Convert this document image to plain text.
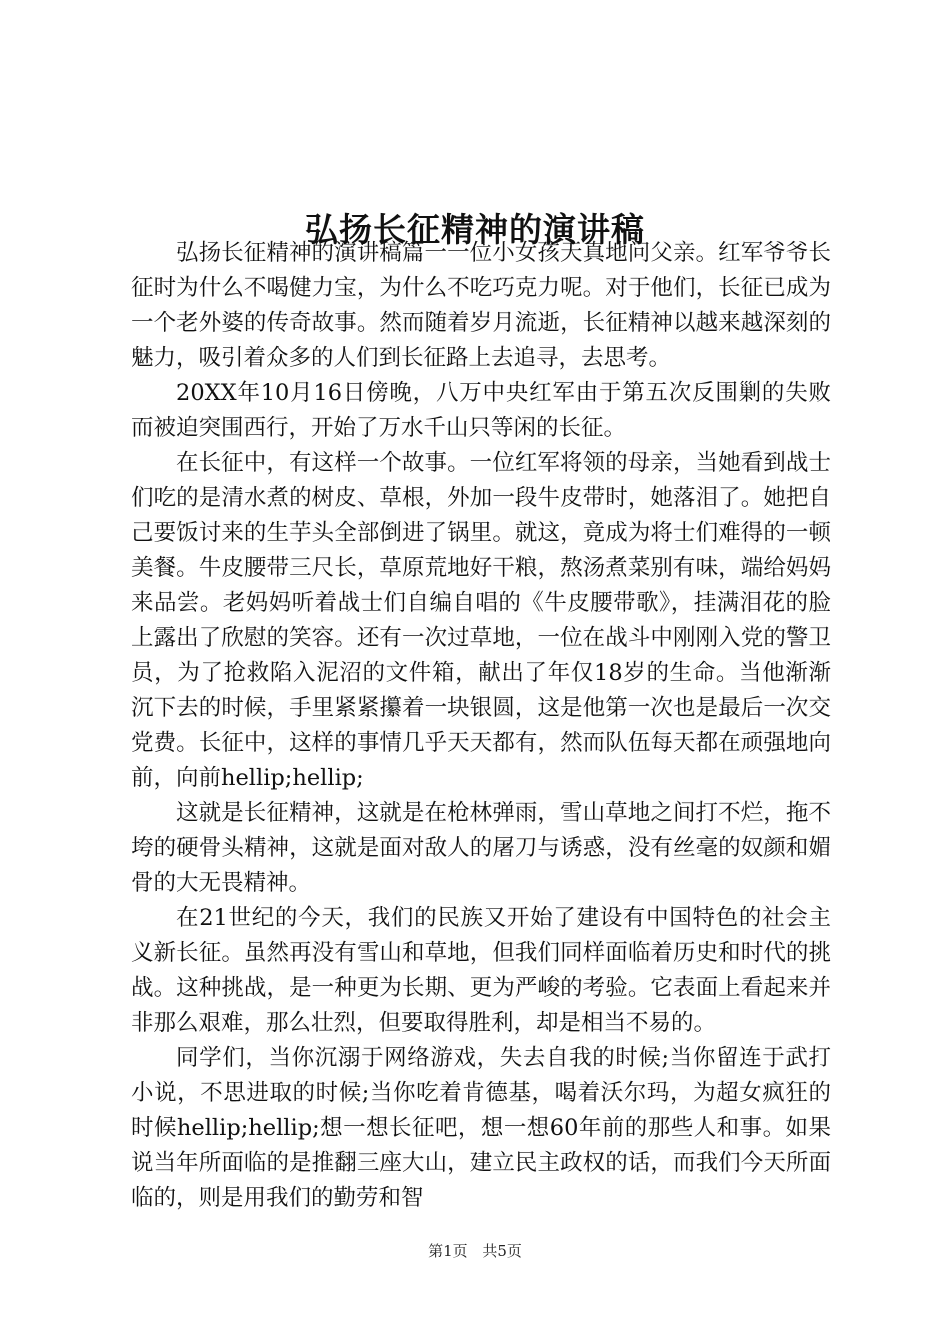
弘扬长征精神的演讲稿

弘扬长征精神的演讲稿篇一一位小女孩天真地问父亲。红军爷爷长征时为什么不喝健力宝，为什么不吃巧克力呢。对于他们，长征已成为一个老外婆的传奇故事。然而随着岁月流逝，长征精神以越来越深刻的魅力，吸引着众多的人们到长征路上去追寻，去思考。

20XX年10月16日傍晚，八万中央红军由于第五次反围剿的失败而被迫突围西行，开始了万水千山只等闲的长征。

在长征中，有这样一个故事。一位红军将领的母亲，当她看到战士们吃的是清水煮的树皮、草根，外加一段牛皮带时，她落泪了。她把自己要饭讨来的生芋头全部倒进了锅里。就这，竟成为将士们难得的一顿美餐。牛皮腰带三尺长，草原荒地好干粮，熬汤煮菜别有味，端给妈妈来品尝。老妈妈听着战士们自编自唱的《牛皮腰带歌》，挂满泪花的脸上露出了欣慰的笑容。还有一次过草地，一位在战斗中刚刚入党的警卫员，为了抢救陷入泥沼的文件箱，献出了年仅18岁的生命。当他渐渐沉下去的时候，手里紧紧攥着一块银圆，这是他第一次也是最后一次交党费。长征中，这样的事情几乎天天都有，然而队伍每天都在顽强地向前，向前hellip;hellip;

这就是长征精神，这就是在枪林弹雨，雪山草地之间打不烂，拖不垮的硬骨头精神，这就是面对敌人的屠刀与诱惑，没有丝毫的奴颜和媚骨的大无畏精神。

在21世纪的今天，我们的民族又开始了建设有中国特色的社会主义新长征。虽然再没有雪山和草地，但我们同样面临着历史和时代的挑战。这种挑战，是一种更为长期、更为严峻的考验。它表面上看起来并非那么艰难，那么壮烈，但要取得胜利，却是相当不易的。

同学们，当你沉溺于网络游戏，失去自我的时候;当你留连于武打小说，不思进取的时候;当你吃着肯德基，喝着沃尔玛，为超女疯狂的时候hellip;hellip;想一想长征吧，想一想60年前的那些人和事。如果说当年所面临的是推翻三座大山，建立民主政权的话，而我们今天所面临的，则是用我们的勤劳和智

第1页 共5页
